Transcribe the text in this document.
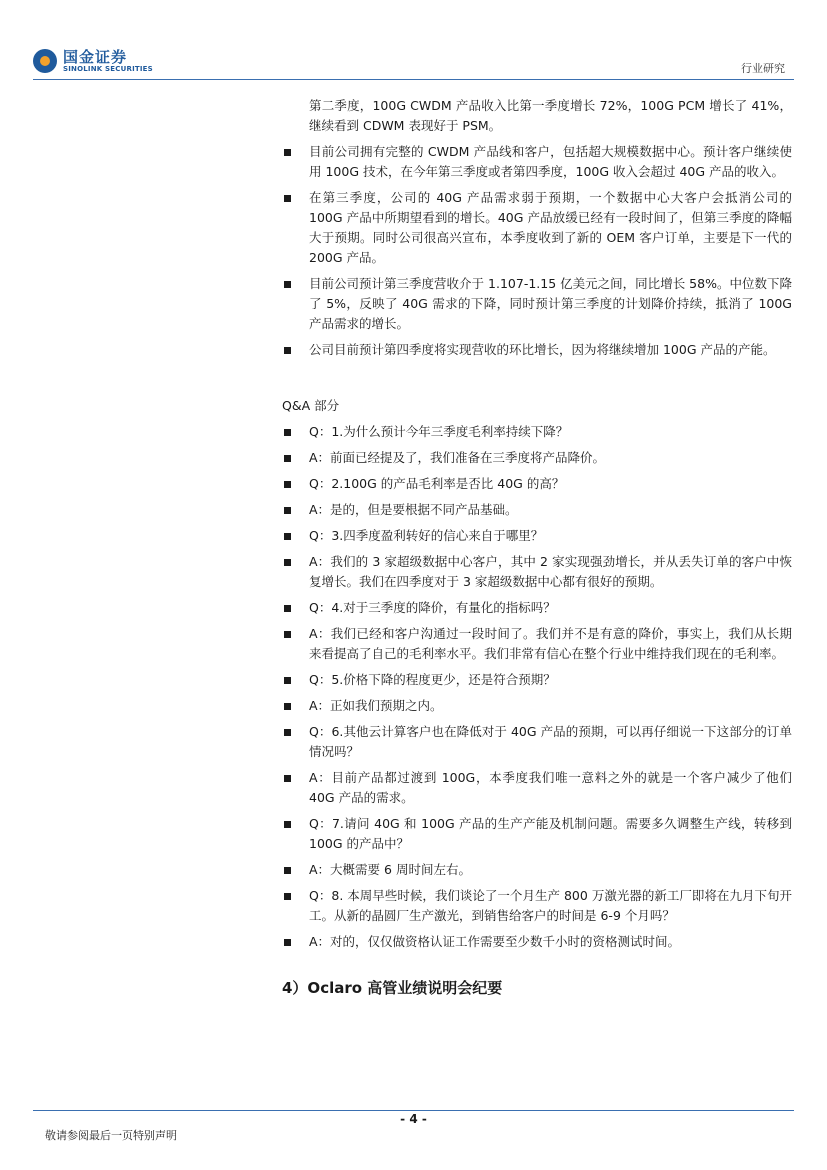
国金证券
SINOLINK SECURITIES	行业研究

第二季度，100G CWDM 产品收入比第一季度增长 72%，100G PCM 增长了 41%，继续看到 CDWM 表现好于 PSM。

目前公司拥有完整的 CWDM 产品线和客户，包括超大规模数据中心。预计客户继续使用 100G 技术，在今年第三季度或者第四季度，100G 收入会超过 40G 产品的收入。
在第三季度，公司的 40G 产品需求弱于预期，一个数据中心大客户会抵消公司的 100G 产品中所期望看到的增长。40G 产品放缓已经有一段时间了，但第三季度的降幅大于预期。同时公司很高兴宣布，本季度收到了新的 OEM 客户订单，主要是下一代的 200G 产品。
目前公司预计第三季度营收介于 1.107-1.15 亿美元之间，同比增长 58%。中位数下降了 5%，反映了 40G 需求的下降，同时预计第三季度的计划降价持续，抵消了 100G 产品需求的增长。
公司目前预计第四季度将实现营收的环比增长，因为将继续增加 100G 产品的产能。

Q&A 部分

Q：1.为什么预计今年三季度毛利率持续下降？
A：前面已经提及了，我们准备在三季度将产品降价。
Q：2.100G 的产品毛利率是否比 40G 的高？
A：是的，但是要根据不同产品基础。
Q：3.四季度盈利转好的信心来自于哪里？
A：我们的 3 家超级数据中心客户，其中 2 家实现强劲增长，并从丢失订单的客户中恢复增长。我们在四季度对于 3 家超级数据中心都有很好的预期。
Q：4.对于三季度的降价，有量化的指标吗？
A：我们已经和客户沟通过一段时间了。我们并不是有意的降价，事实上，我们从长期来看提高了自己的毛利率水平。我们非常有信心在整个行业中维持我们现在的毛利率。
Q：5.价格下降的程度更少，还是符合预期？
A：正如我们预期之内。
Q：6.其他云计算客户也在降低对于 40G 产品的预期，可以再仔细说一下这部分的订单情况吗？
A：目前产品都过渡到 100G，本季度我们唯一意料之外的就是一个客户减少了他们 40G 产品的需求。
Q：7.请问 40G 和 100G 产品的生产产能及机制问题。需要多久调整生产线，转移到 100G 的产品中？
A：大概需要 6 周时间左右。
Q：8. 本周早些时候，我们谈论了一个月生产 800 万激光器的新工厂即将在九月下旬开工。从新的晶圆厂生产激光，到销售给客户的时间是 6-9 个月吗？
A：对的，仅仅做资格认证工作需要至少数千小时的资格测试时间。

4）Oclaro 高管业绩说明会纪要

- 4 -
敬请参阅最后一页特别声明
